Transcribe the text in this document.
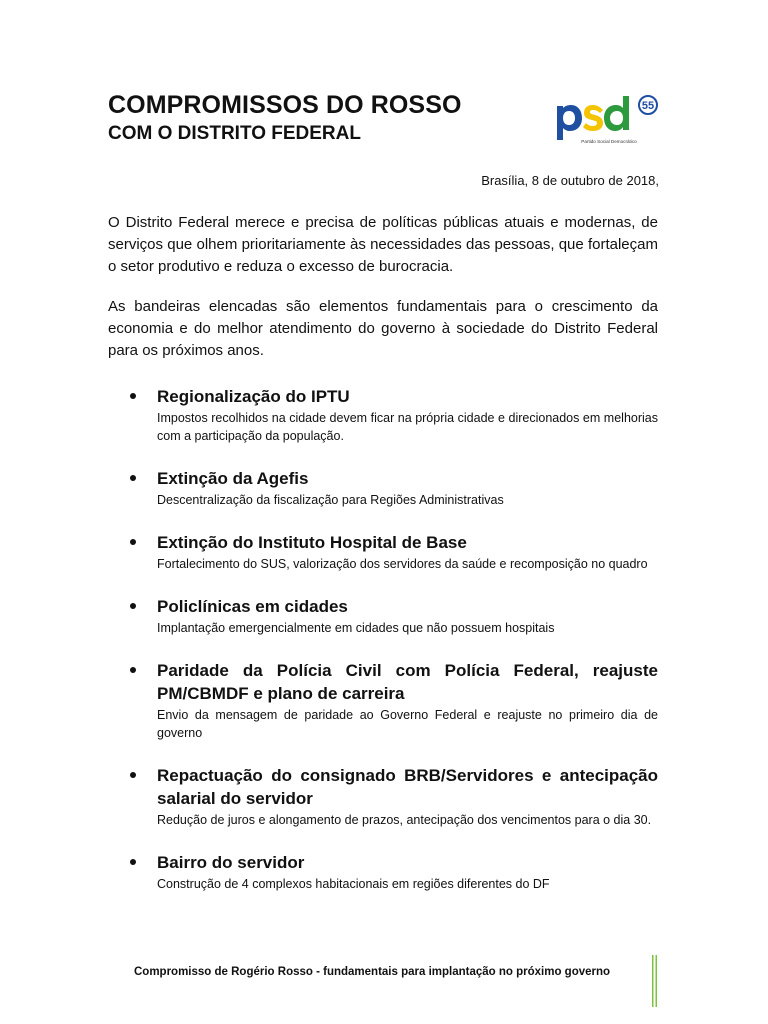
COMPROMISSOS DO ROSSO
COM O DISTRITO FEDERAL
55
Partido Social Democrático
Brasília, 8 de outubro de 2018,

O Distrito Federal merece e precisa de políticas públicas atuais e modernas, de serviços que olhem prioritariamente às necessidades das pessoas, que fortaleçam o setor produtivo e reduza o excesso de burocracia.

As bandeiras elencadas são elementos fundamentais para o crescimento da economia e do melhor atendimento do governo à sociedade do Distrito Federal para os próximos anos.

Regionalização do IPTU
Impostos recolhidos na cidade devem ficar na própria cidade e direcionados em melhorias com a participação da população.
Extinção da Agefis
Descentralização da fiscalização para Regiões Administrativas
Extinção do Instituto Hospital de Base
Fortalecimento do SUS, valorização dos servidores da saúde e recomposição no quadro
Policlínicas em cidades
Implantação emergencialmente em cidades que não possuem hospitais
Paridade da Polícia Civil com Polícia Federal, reajuste PM/CBMDF e plano de carreira
Envio da mensagem de paridade ao Governo Federal e reajuste no primeiro dia de governo
Repactuação do consignado BRB/Servidores e antecipação salarial do servidor
Redução de juros e alongamento de prazos, antecipação dos vencimentos para o dia 30.
Bairro do servidor
Construção de 4 complexos habitacionais em regiões diferentes do DF
Compromisso de Rogério Rosso - fundamentais para implantação no próximo governo
